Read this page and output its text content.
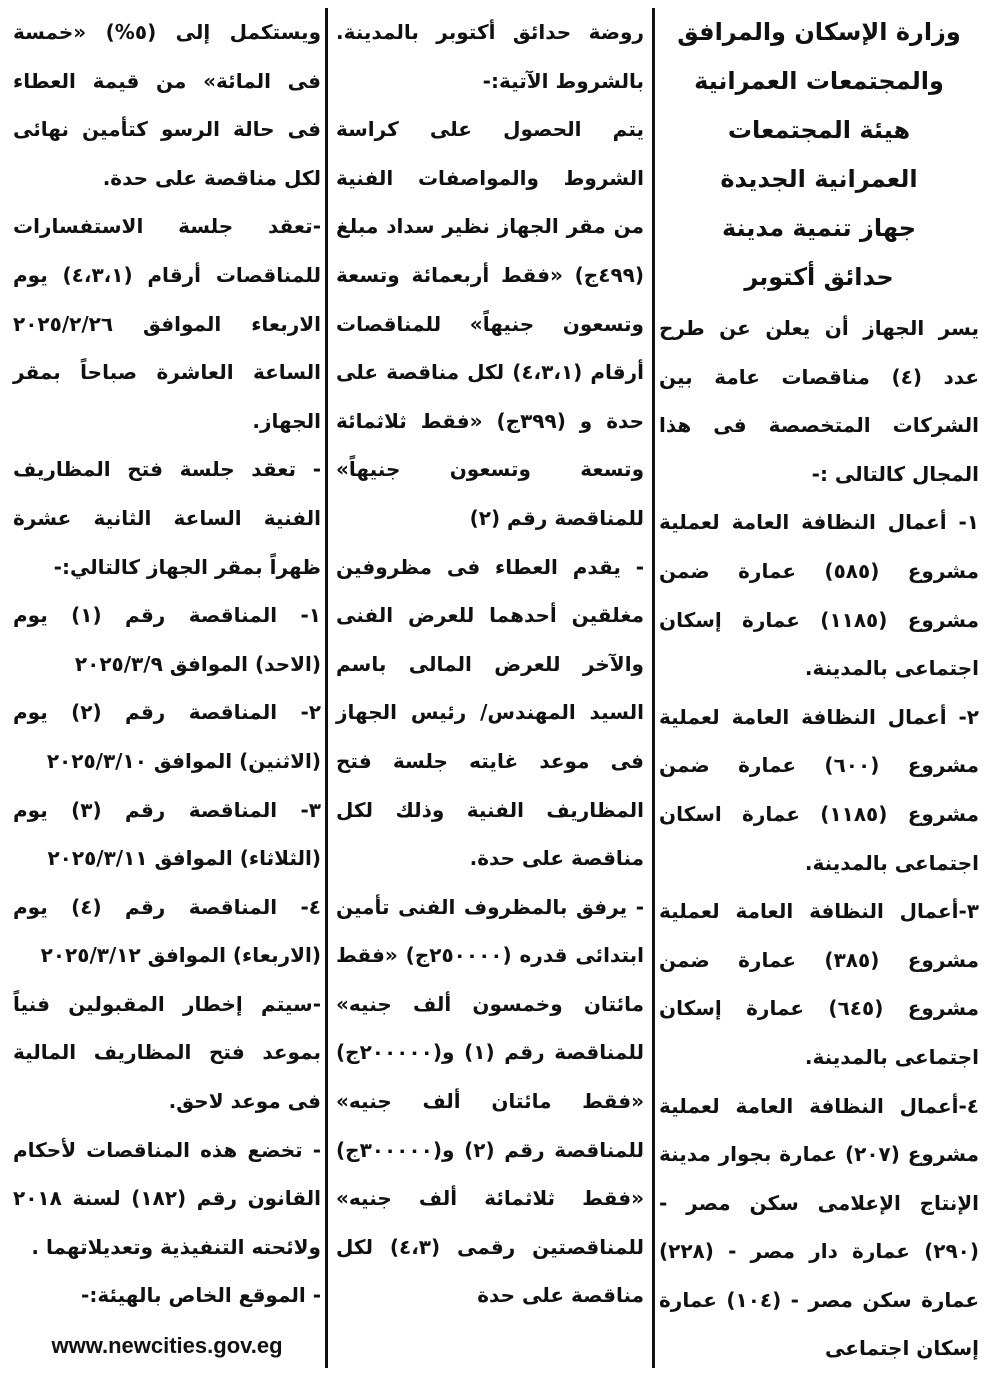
وزارة الإسكان والمرافق
والمجتمعات العمرانية
هيئة المجتمعات
العمرانية الجديدة
جهاز تنمية مدينة
حدائق أكتوبر

يسر الجهاز أن يعلن عن طرح عدد (٤) مناقصات عامة بين الشركات المتخصصة فى هذا المجال كالتالى :-

١- أعمال النظافة العامة لعملية مشروع (٥٨٥) عمارة ضمن مشروع (١١٨٥) عمارة إسكان اجتماعى بالمدينة.

٢- أعمال النظافة العامة لعملية مشروع (٦٠٠) عمارة ضمن مشروع (١١٨٥) عمارة اسكان اجتماعى بالمدينة.

٣-أعمال النظافة العامة لعملية مشروع (٣٨٥) عمارة ضمن مشروع (٦٤٥) عمارة إسكان اجتماعى بالمدينة.

٤-أعمال النظافة العامة لعملية مشروع (٢٠٧) عمارة بجوار مدينة الإنتاج الإعلامى سكن مصر - (٢٩٠) عمارة دار مصر - (٢٢٨) عمارة سكن مصر - (١٠٤) عمارة إسكان اجتماعى

روضة حدائق أكتوبر بالمدينة. بالشروط الآتية:-

يتم الحصول على كراسة الشروط والمواصفات الفنية من مقر الجهاز نظير سداد مبلغ (٤٩٩ج) «فقط أربعمائة وتسعة وتسعون جنيهاً» للمناقصات أرقام (٤،٣،١) لكل مناقصة على حدة و (٣٩٩ج) «فقط ثلاثمائة وتسعة وتسعون جنيهاً» للمناقصة رقم (٢)

- يقدم العطاء فى مظروفين مغلقين أحدهما للعرض الفنى والآخر للعرض المالى باسم السيد المهندس/ رئيس الجهاز فى موعد غايته جلسة فتح المظاريف الفنية وذلك لكل مناقصة على حدة.

- يرفق بالمظروف الفنى تأمين ابتدائى قدره (٢٥٠٠٠٠ج) «فقط مائتان وخمسون ألف جنيه» للمناقصة رقم (١) و(٢٠٠٠٠٠ج) «فقط مائتان ألف جنيه» للمناقصة رقم (٢) و(٣٠٠٠٠٠ج) «فقط ثلاثمائة ألف جنيه» للمناقصتين رقمى (٤،٣) لكل مناقصة على حدة

ويستكمل إلى (٥%) «خمسة فى المائة» من قيمة العطاء فى حالة الرسو كتأمين نهائى لكل مناقصة على حدة.

-تعقد جلسة الاستفسارات للمناقصات أرقام (٤،٣،١) يوم الاربعاء الموافق ٢٠٢٥/٢/٢٦ الساعة العاشرة صباحاً بمقر الجهاز.

- تعقد جلسة فتح المظاريف الفنية الساعة الثانية عشرة ظهراً بمقر الجهاز كالتالي:-

١- المناقصة رقم (١) يوم (الاحد) الموافق ٢٠٢٥/٣/٩

٢- المناقصة رقم (٢) يوم (الاثنين) الموافق ٢٠٢٥/٣/١٠

٣- المناقصة رقم (٣) يوم (الثلاثاء) الموافق ٢٠٢٥/٣/١١

٤- المناقصة رقم (٤) يوم (الاربعاء) الموافق ٢٠٢٥/٣/١٢

-سيتم إخطار المقبولين فنياً بموعد فتح المظاريف المالية فى موعد لاحق.

- تخضع هذه المناقصات لأحكام القانون رقم (١٨٢) لسنة ٢٠١٨ ولائحته التنفيذية وتعديلاتهما .

- الموقع الخاص بالهيئة:-

www.newcities.gov.eg
